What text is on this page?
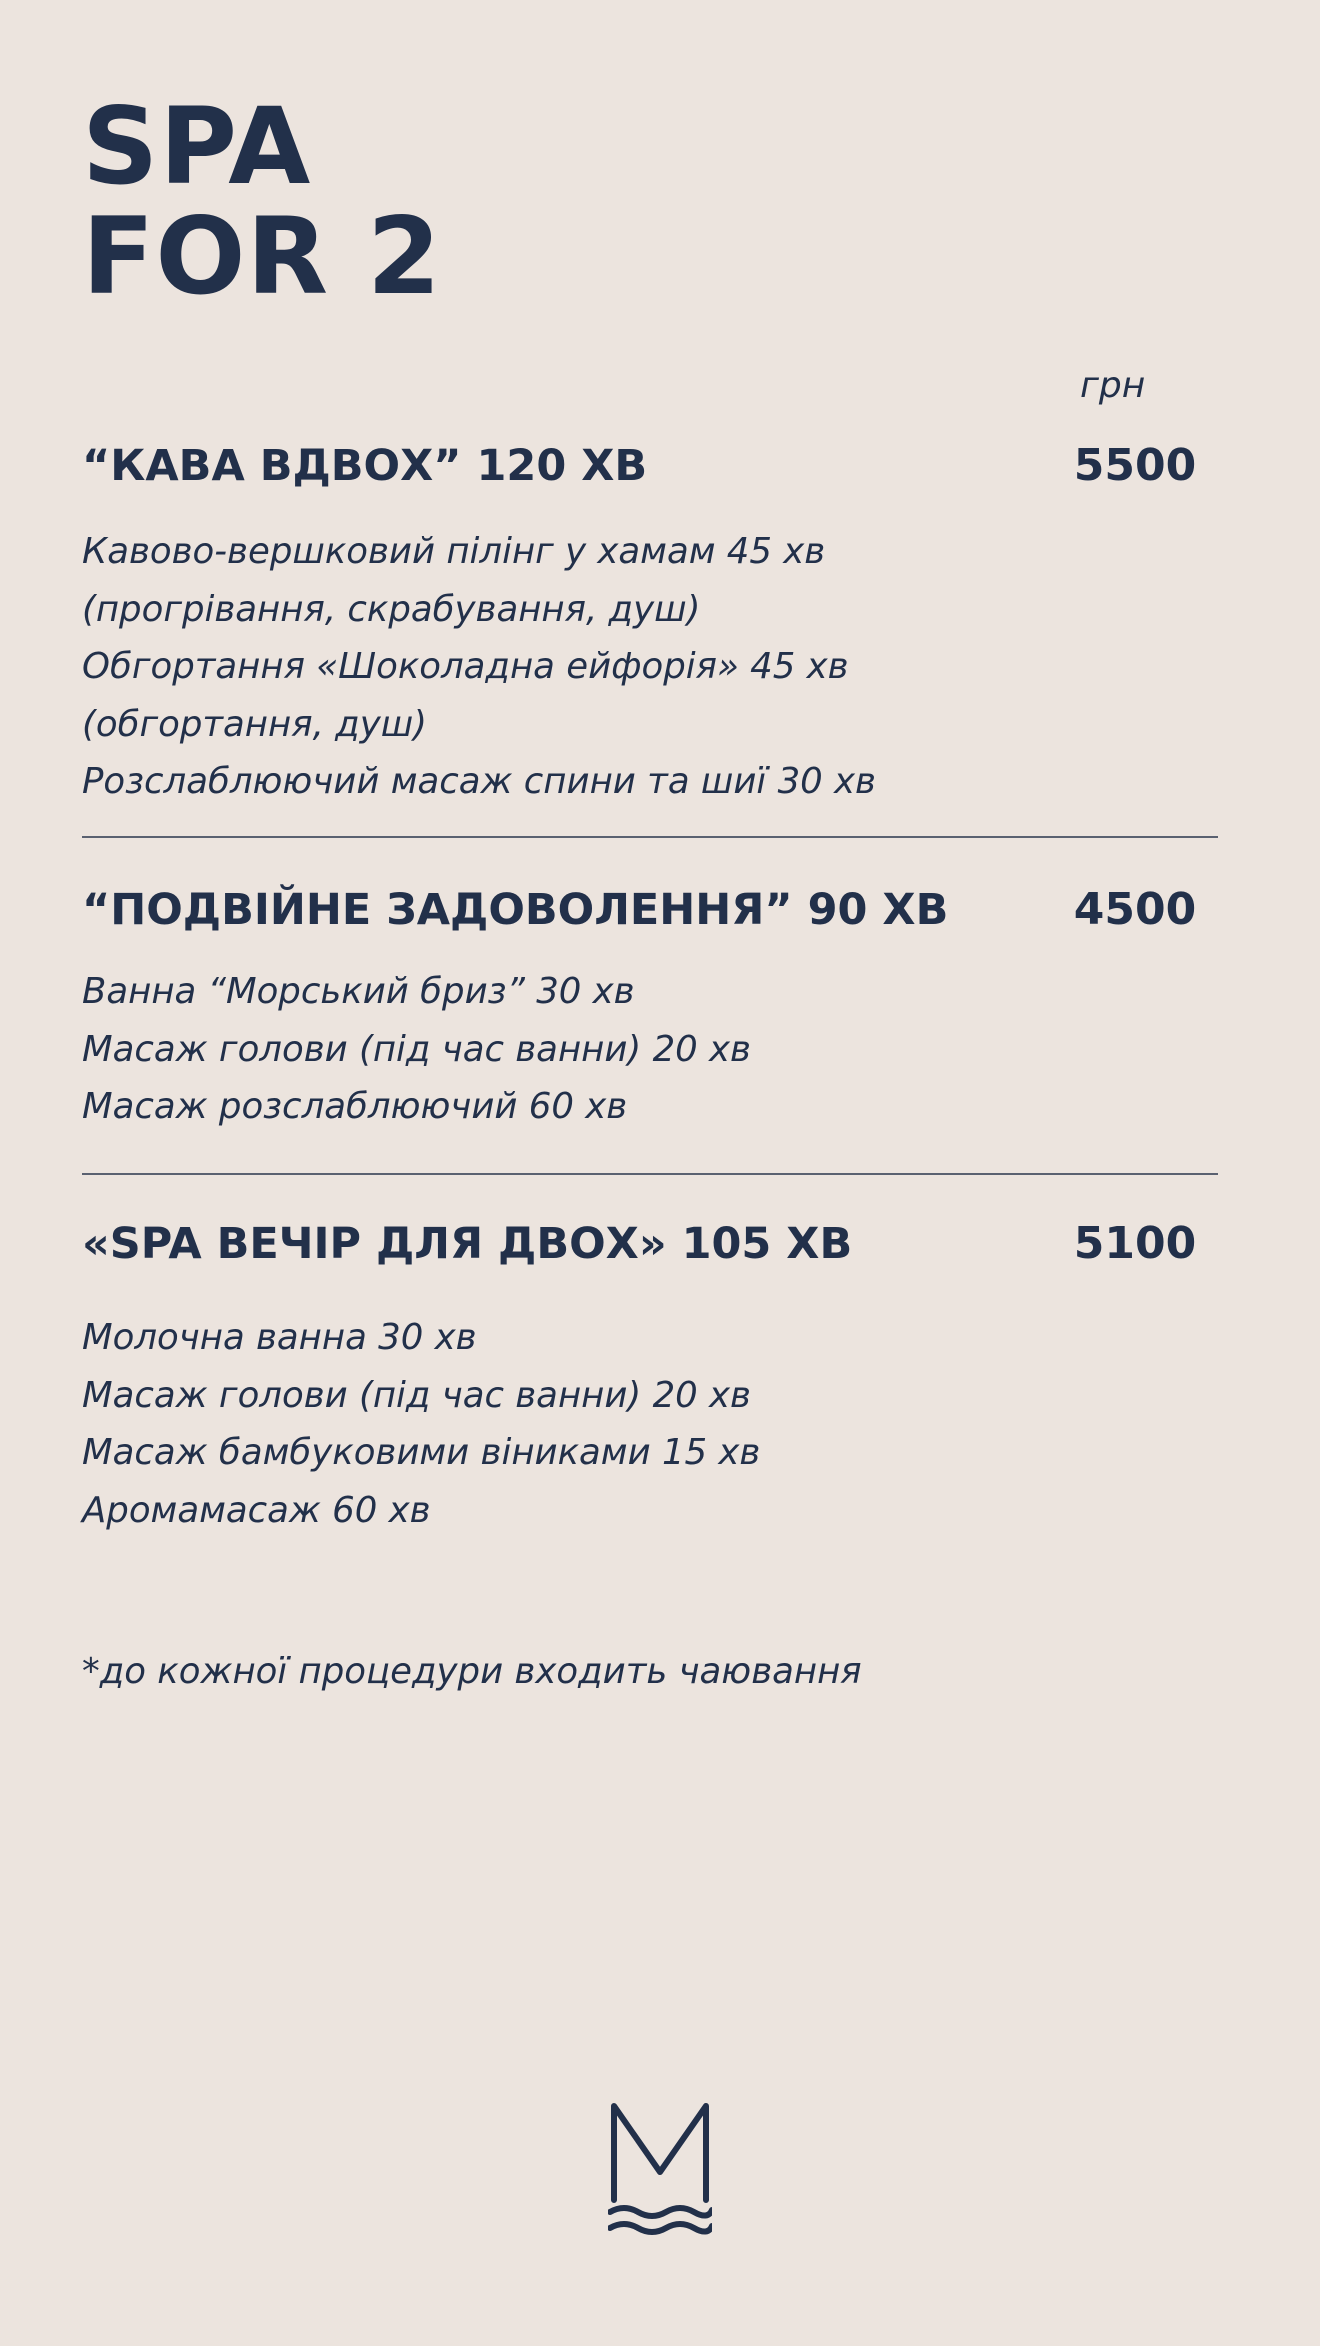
SPA
FOR 2
грн
“КАВА ВДВОХ” 120 ХВ	5500
Кавово-вершковий пілінг у хамам 45 хв
(прогрівання, скрабування, душ)
Обгортання «Шоколадна ейфорія» 45 хв
(обгортання, душ)
Розслаблюючий масаж спини та шиї 30 хв
“ПОДВІЙНЕ ЗАДОВОЛЕННЯ” 90 ХВ	4500
Ванна “Морський бриз” 30 хв
Масаж голови (під час ванни) 20 хв
Масаж розслаблюючий 60 хв
«SPA ВЕЧІР ДЛЯ ДВОХ» 105 ХВ	5100
Молочна ванна 30 хв
Масаж голови (під час ванни) 20 хв
Масаж бамбуковими віниками 15 хв
Аромамасаж 60 хв
*до кожної процедури входить чаювання
